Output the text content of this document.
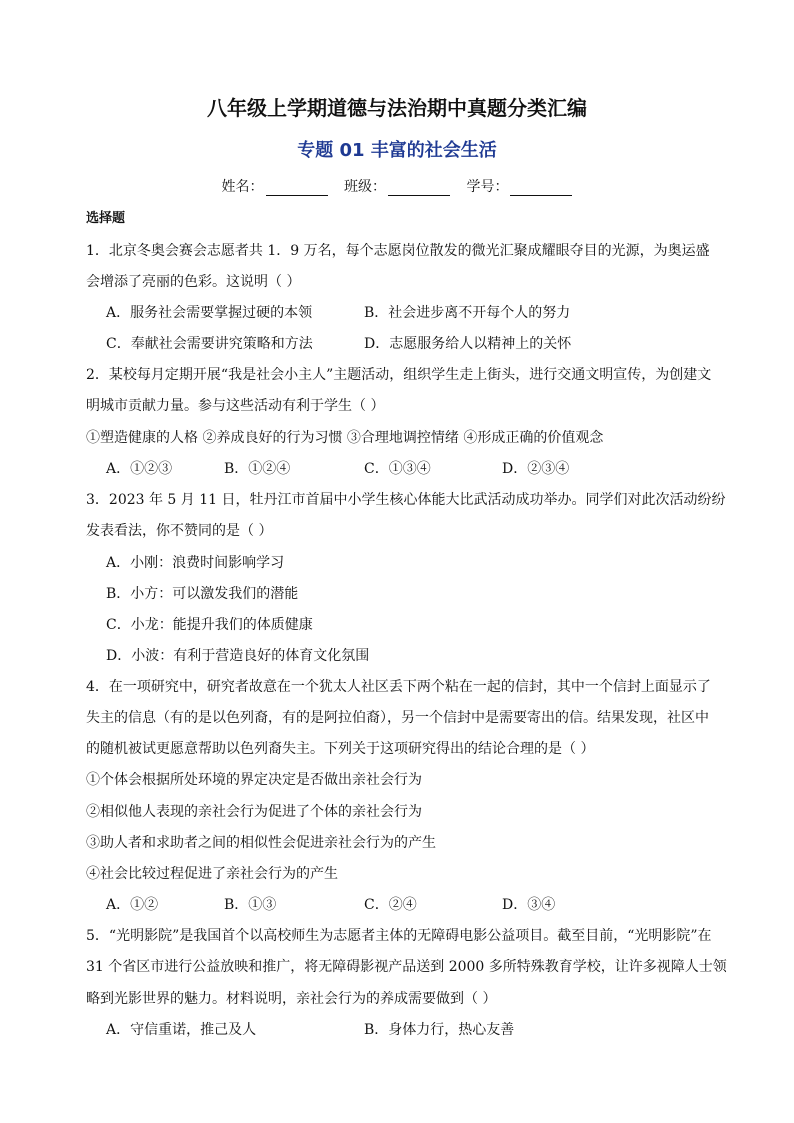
八年级上学期道德与法治期中真题分类汇编
专题 01 丰富的社会生活
姓名：	班级：	学号：
选择题
1．北京冬奥会赛会志愿者共 1．9 万名，每个志愿岗位散发的微光汇聚成耀眼夺目的光源，为奥运盛
会增添了亮丽的色彩。这说明（ ）
A．服务社会需要掌握过硬的本领	B．社会进步离不开每个人的努力
C．奉献社会需要讲究策略和方法	D．志愿服务给人以精神上的关怀
2．某校每月定期开展“我是社会小主人”主题活动，组织学生走上街头，进行交通文明宣传，为创建文
明城市贡献力量。参与这些活动有利于学生（ ）
①塑造健康的人格 ②养成良好的行为习惯 ③合理地调控情绪 ④形成正确的价值观念
A．①②③	B．①②④	C．①③④	D．②③④
3．2023 年 5 月 11 日，牡丹江市首届中小学生核心体能大比武活动成功举办。同学们对此次活动纷纷
发表看法，你不赞同的是（ ）
A．小刚：浪费时间影响学习
B．小方：可以激发我们的潜能
C．小龙：能提升我们的体质健康
D．小波：有利于营造良好的体育文化氛围
4．在一项研究中，研究者故意在一个犹太人社区丢下两个粘在一起的信封，其中一个信封上面显示了
失主的信息（有的是以色列裔，有的是阿拉伯裔），另一个信封中是需要寄出的信。结果发现，社区中
的随机被试更愿意帮助以色列裔失主。下列关于这项研究得出的结论合理的是（ ）
①个体会根据所处环境的界定决定是否做出亲社会行为
②相似他人表现的亲社会行为促进了个体的亲社会行为
③助人者和求助者之间的相似性会促进亲社会行为的产生
④社会比较过程促进了亲社会行为的产生
A．①②	B．①③	C．②④	D．③④
5．“光明影院”是我国首个以高校师生为志愿者主体的无障碍电影公益项目。截至目前，“光明影院”在
31 个省区市进行公益放映和推广，将无障碍影视产品送到 2000 多所特殊教育学校，让许多视障人士领
略到光影世界的魅力。材料说明，亲社会行为的养成需要做到（ ）
A．守信重诺，推己及人	B．身体力行，热心友善
